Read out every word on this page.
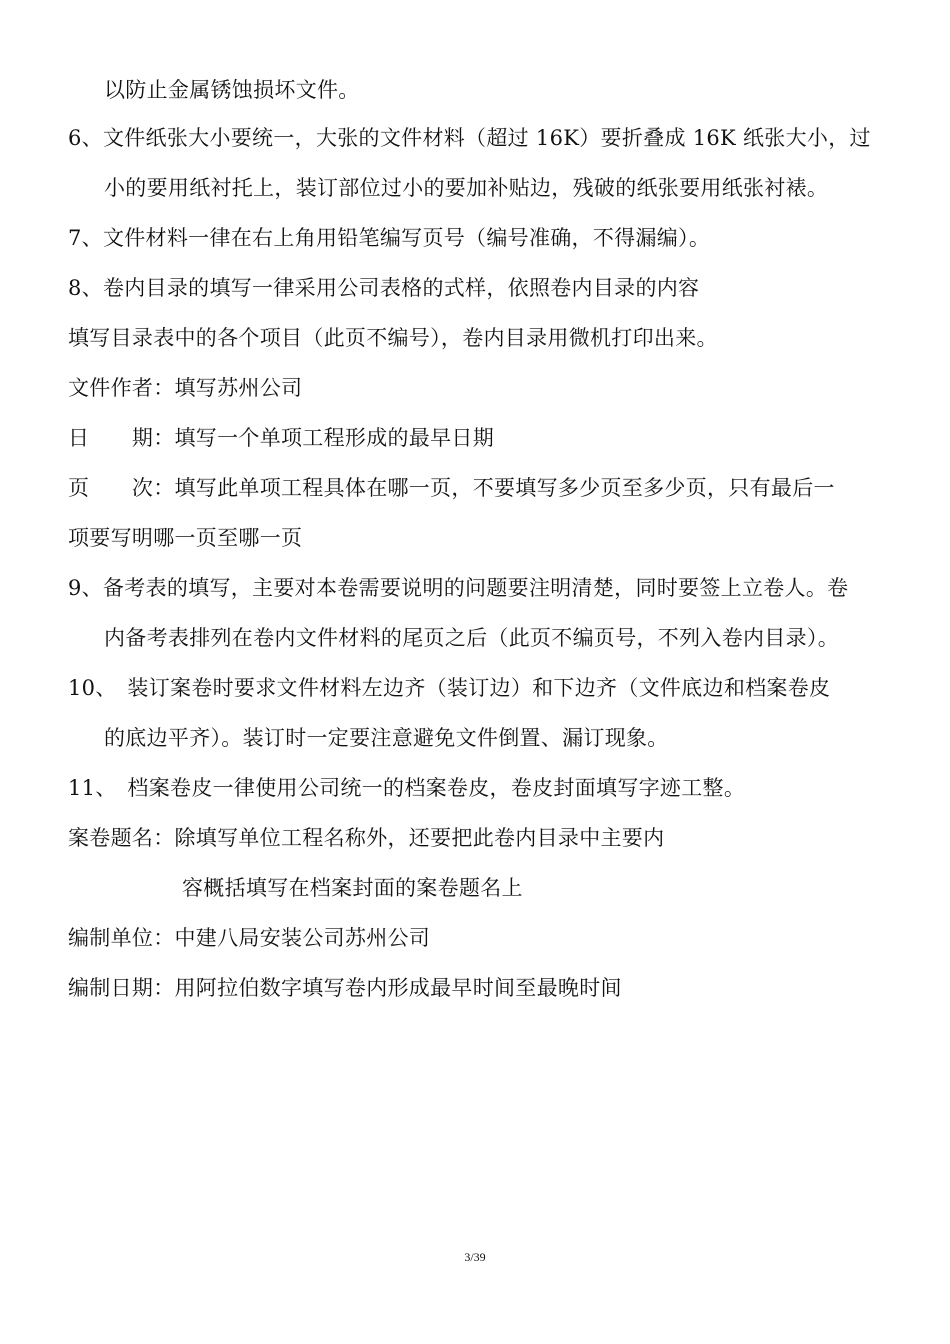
以防止金属锈蚀损坏文件。
6、文件纸张大小要统一，大张的文件材料（超过 16K）要折叠成 16K 纸张大小，过
小的要用纸衬托上，装订部位过小的要加补贴边，残破的纸张要用纸张衬裱。
7、文件材料一律在右上角用铅笔编写页号（编号准确，不得漏编）。
8、卷内目录的填写一律采用公司表格的式样，依照卷内目录的内容
填写目录表中的各个项目（此页不编号），卷内目录用微机打印出来。
文件作者：填写苏州公司
日　　期：填写一个单项工程形成的最早日期
页　　次：填写此单项工程具体在哪一页，不要填写多少页至多少页，只有最后一
项要写明哪一页至哪一页
9、备考表的填写，主要对本卷需要说明的问题要注明清楚，同时要签上立卷人。卷
内备考表排列在卷内文件材料的尾页之后（此页不编页号，不列入卷内目录）。
10、　装订案卷时要求文件材料左边齐（装订边）和下边齐（文件底边和档案卷皮
的底边平齐）。装订时一定要注意避免文件倒置、漏订现象。
11、　档案卷皮一律使用公司统一的档案卷皮，卷皮封面填写字迹工整。
案卷题名：除填写单位工程名称外，还要把此卷内目录中主要内
容概括填写在档案封面的案卷题名上
编制单位：中建八局安装公司苏州公司
编制日期：用阿拉伯数字填写卷内形成最早时间至最晚时间
3/39
